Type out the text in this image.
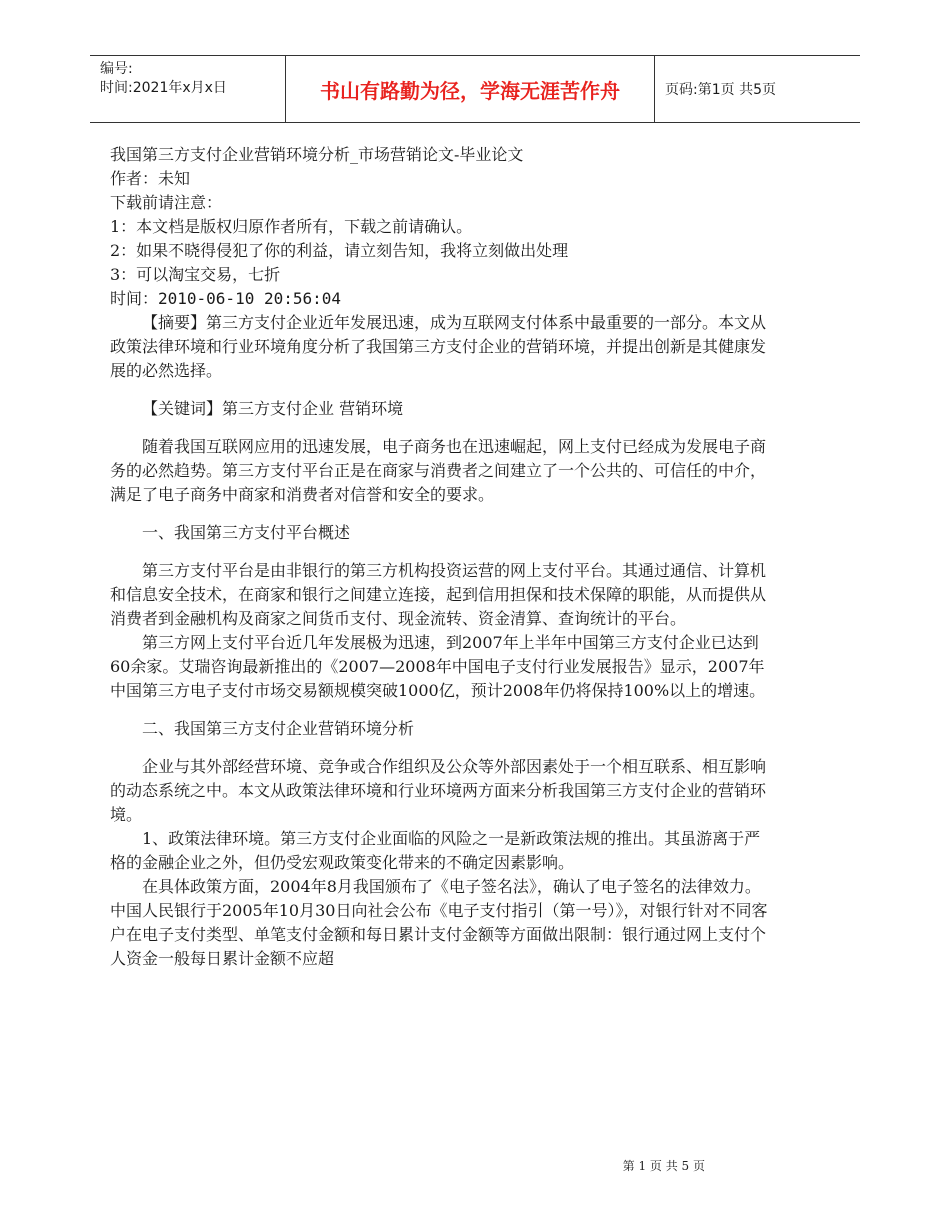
编号:
时间:2021年x月x日	书山有路勤为径，学海无涯苦作舟	页码:第1页 共5页

我国第三方支付企业营销环境分析_市场营销论文-毕业论文

作者：未知

下载前请注意：

1：本文档是版权归原作者所有，下载之前请确认。

2：如果不晓得侵犯了你的利益，请立刻告知，我将立刻做出处理

3：可以淘宝交易，七折

时间：2010-06-10 20:56:04

【摘要】第三方支付企业近年发展迅速，成为互联网支付体系中最重要的一部分。本文从政策法律环境和行业环境角度分析了我国第三方支付企业的营销环境，并提出创新是其健康发展的必然选择。

【关键词】第三方支付企业 营销环境

随着我国互联网应用的迅速发展，电子商务也在迅速崛起，网上支付已经成为发展电子商务的必然趋势。第三方支付平台正是在商家与消费者之间建立了一个公共的、可信任的中介，满足了电子商务中商家和消费者对信誉和安全的要求。

一、我国第三方支付平台概述

第三方支付平台是由非银行的第三方机构投资运营的网上支付平台。其通过通信、计算机和信息安全技术，在商家和银行之间建立连接，起到信用担保和技术保障的职能，从而提供从消费者到金融机构及商家之间货币支付、现金流转、资金清算、查询统计的平台。

第三方网上支付平台近几年发展极为迅速，到2007年上半年中国第三方支付企业已达到60余家。艾瑞咨询最新推出的《2007—2008年中国电子支付行业发展报告》显示，2007年中国第三方电子支付市场交易额规模突破1000亿，预计2008年仍将保持100%以上的增速。

二、我国第三方支付企业营销环境分析

企业与其外部经营环境、竞争或合作组织及公众等外部因素处于一个相互联系、相互影响的动态系统之中。本文从政策法律环境和行业环境两方面来分析我国第三方支付企业的营销环境。

1、政策法律环境。第三方支付企业面临的风险之一是新政策法规的推出。其虽游离于严格的金融企业之外，但仍受宏观政策变化带来的不确定因素影响。

在具体政策方面，2004年8月我国颁布了《电子签名法》，确认了电子签名的法律效力。中国人民银行于2005年10月30日向社会公布《电子支付指引（第一号）》，对银行针对不同客户在电子支付类型、单笔支付金额和每日累计支付金额等方面做出限制：银行通过网上支付个人资金一般每日累计金额不应超

第 1 页 共 5 页
